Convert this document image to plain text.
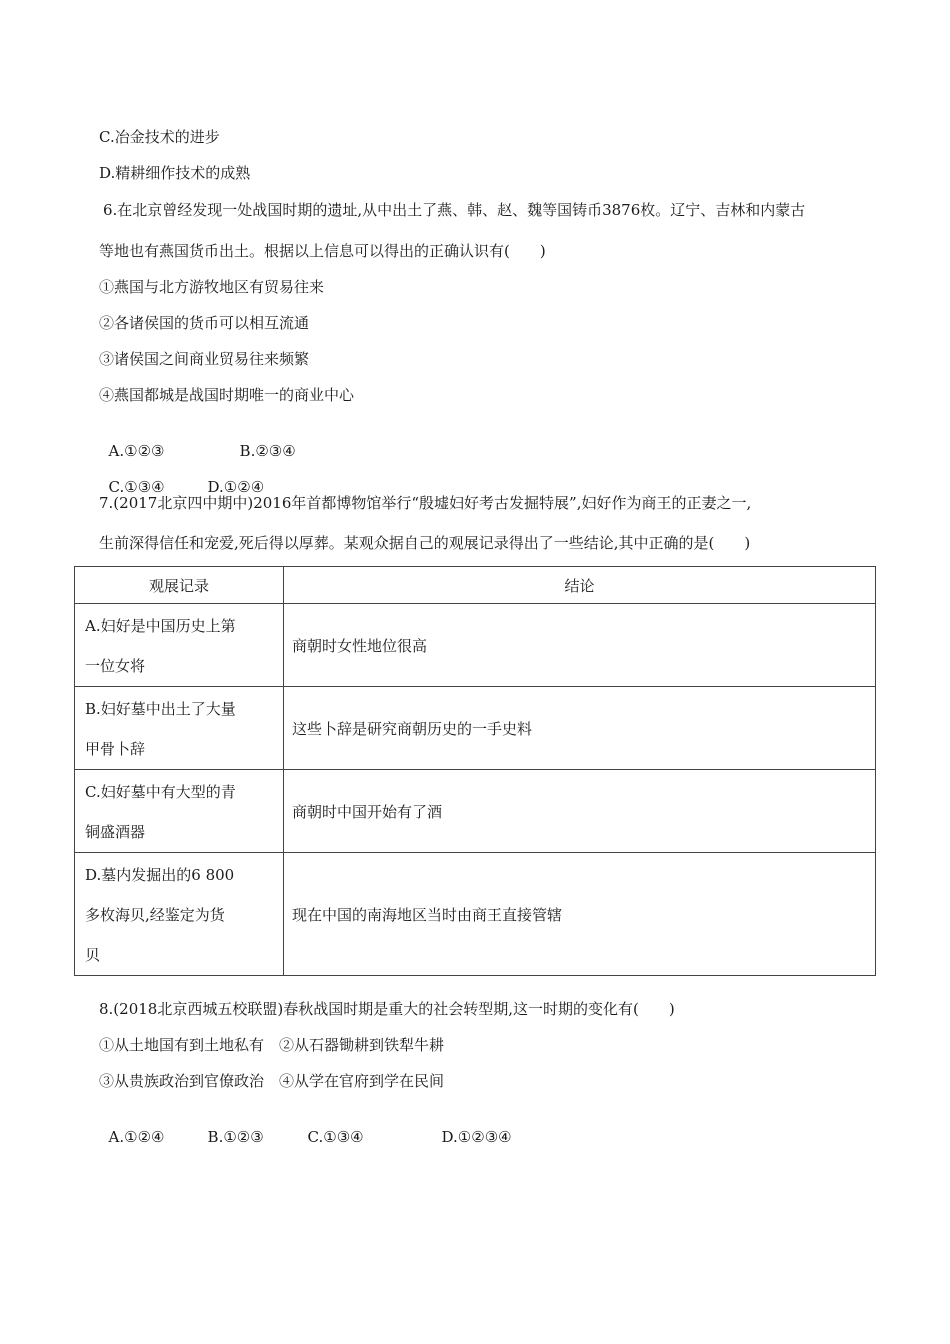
C.冶金技术的进步
D.精耕细作技术的成熟
6.在北京曾经发现一处战国时期的遗址,从中出土了燕、韩、赵、魏等国铸币3876枚。辽宁、吉林和内蒙古
等地也有燕国货币出土。根据以上信息可以得出的正确认识有(　　)
①燕国与北方游牧地区有贸易往来
②各诸侯国的货币可以相互流通
③诸侯国之间商业贸易往来频繁
④燕国都城是战国时期唯一的商业中心

A.①②③	B.②③④

C.①③④	D.①②④

7.(2017北京四中期中)2016年首都博物馆举行“殷墟妇好考古发掘特展”,妇好作为商王的正妻之一,
生前深得信任和宠爱,死后得以厚葬。某观众据自己的观展记录得出了一些结论,其中正确的是(　　)
观展记录	结论

A.妇好是中国历史上第
一位女将	商朝时女性地位很高

B.妇好墓中出土了大量
甲骨卜辞	这些卜辞是研究商朝历史的一手史料

C.妇好墓中有大型的青
铜盛酒器	商朝时中国开始有了酒

D.墓内发掘出的6 800
多枚海贝,经鉴定为货
贝	现在中国的南海地区当时由商王直接管辖
8.(2018北京西城五校联盟)春秋战国时期是重大的社会转型期,这一时期的变化有(　　)
①从土地国有到土地私有　②从石器锄耕到铁犁牛耕
③从贵族政治到官僚政治　④从学在官府到学在民间

A.①②④	B.①②③	C.①③④	D.①②③④
